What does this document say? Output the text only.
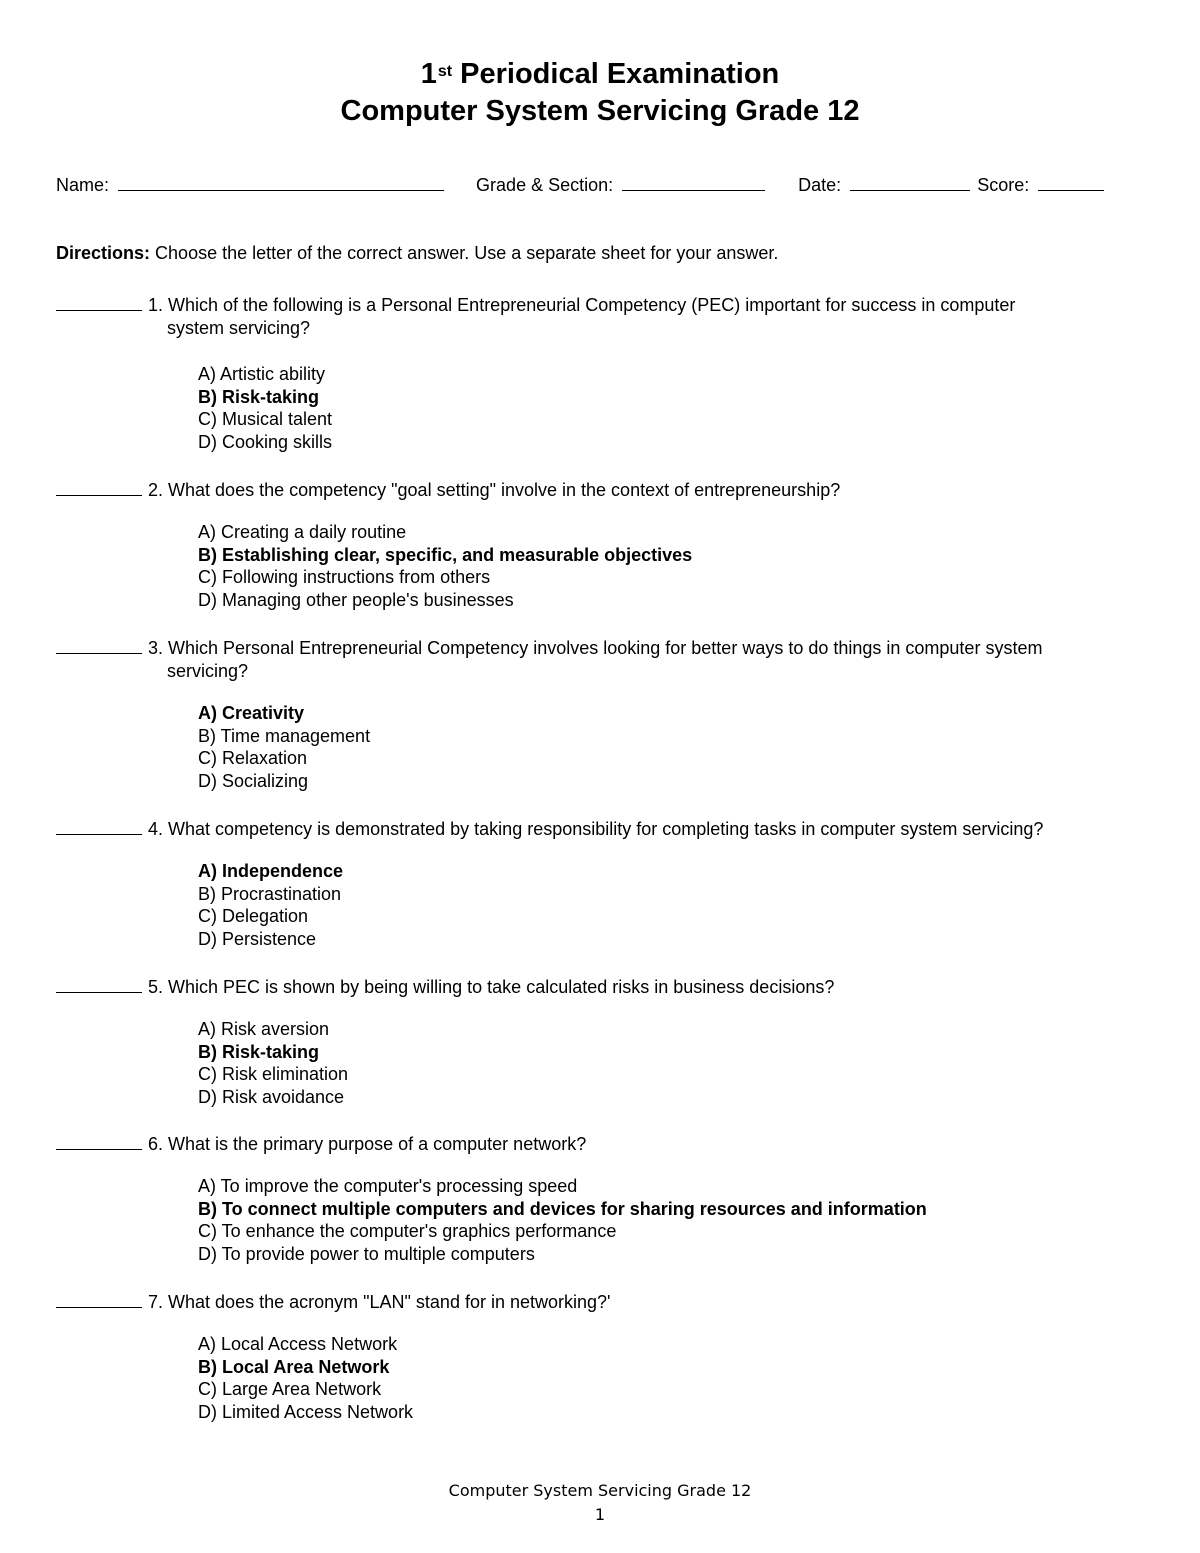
1st Periodical Examination
Computer System Servicing Grade 12
Name:	Grade & Section:	Date:	Score:
Directions: Choose the letter of the correct answer. Use a separate sheet for your answer.
1. Which of the following is a Personal Entrepreneurial Competency (PEC) important for success in computer
system servicing?
A) Artistic ability
B) Risk-taking
C) Musical talent
D) Cooking skills
2. What does the competency "goal setting" involve in the context of entrepreneurship?
A) Creating a daily routine
B) Establishing clear, specific, and measurable objectives
C) Following instructions from others
D) Managing other people's businesses
3. Which Personal Entrepreneurial Competency involves looking for better ways to do things in computer system
servicing?
A) Creativity
B) Time management
C) Relaxation
D) Socializing
4. What competency is demonstrated by taking responsibility for completing tasks in computer system servicing?
A) Independence
B) Procrastination
C) Delegation
D) Persistence
5. Which PEC is shown by being willing to take calculated risks in business decisions?
A) Risk aversion
B) Risk-taking
C) Risk elimination
D) Risk avoidance
6. What is the primary purpose of a computer network?
A) To improve the computer's processing speed
B) To connect multiple computers and devices for sharing resources and information
C) To enhance the computer's graphics performance
D) To provide power to multiple computers
7. What does the acronym "LAN" stand for in networking?'
A) Local Access Network
B) Local Area Network
C) Large Area Network
D) Limited Access Network
Computer System Servicing Grade 12
1
